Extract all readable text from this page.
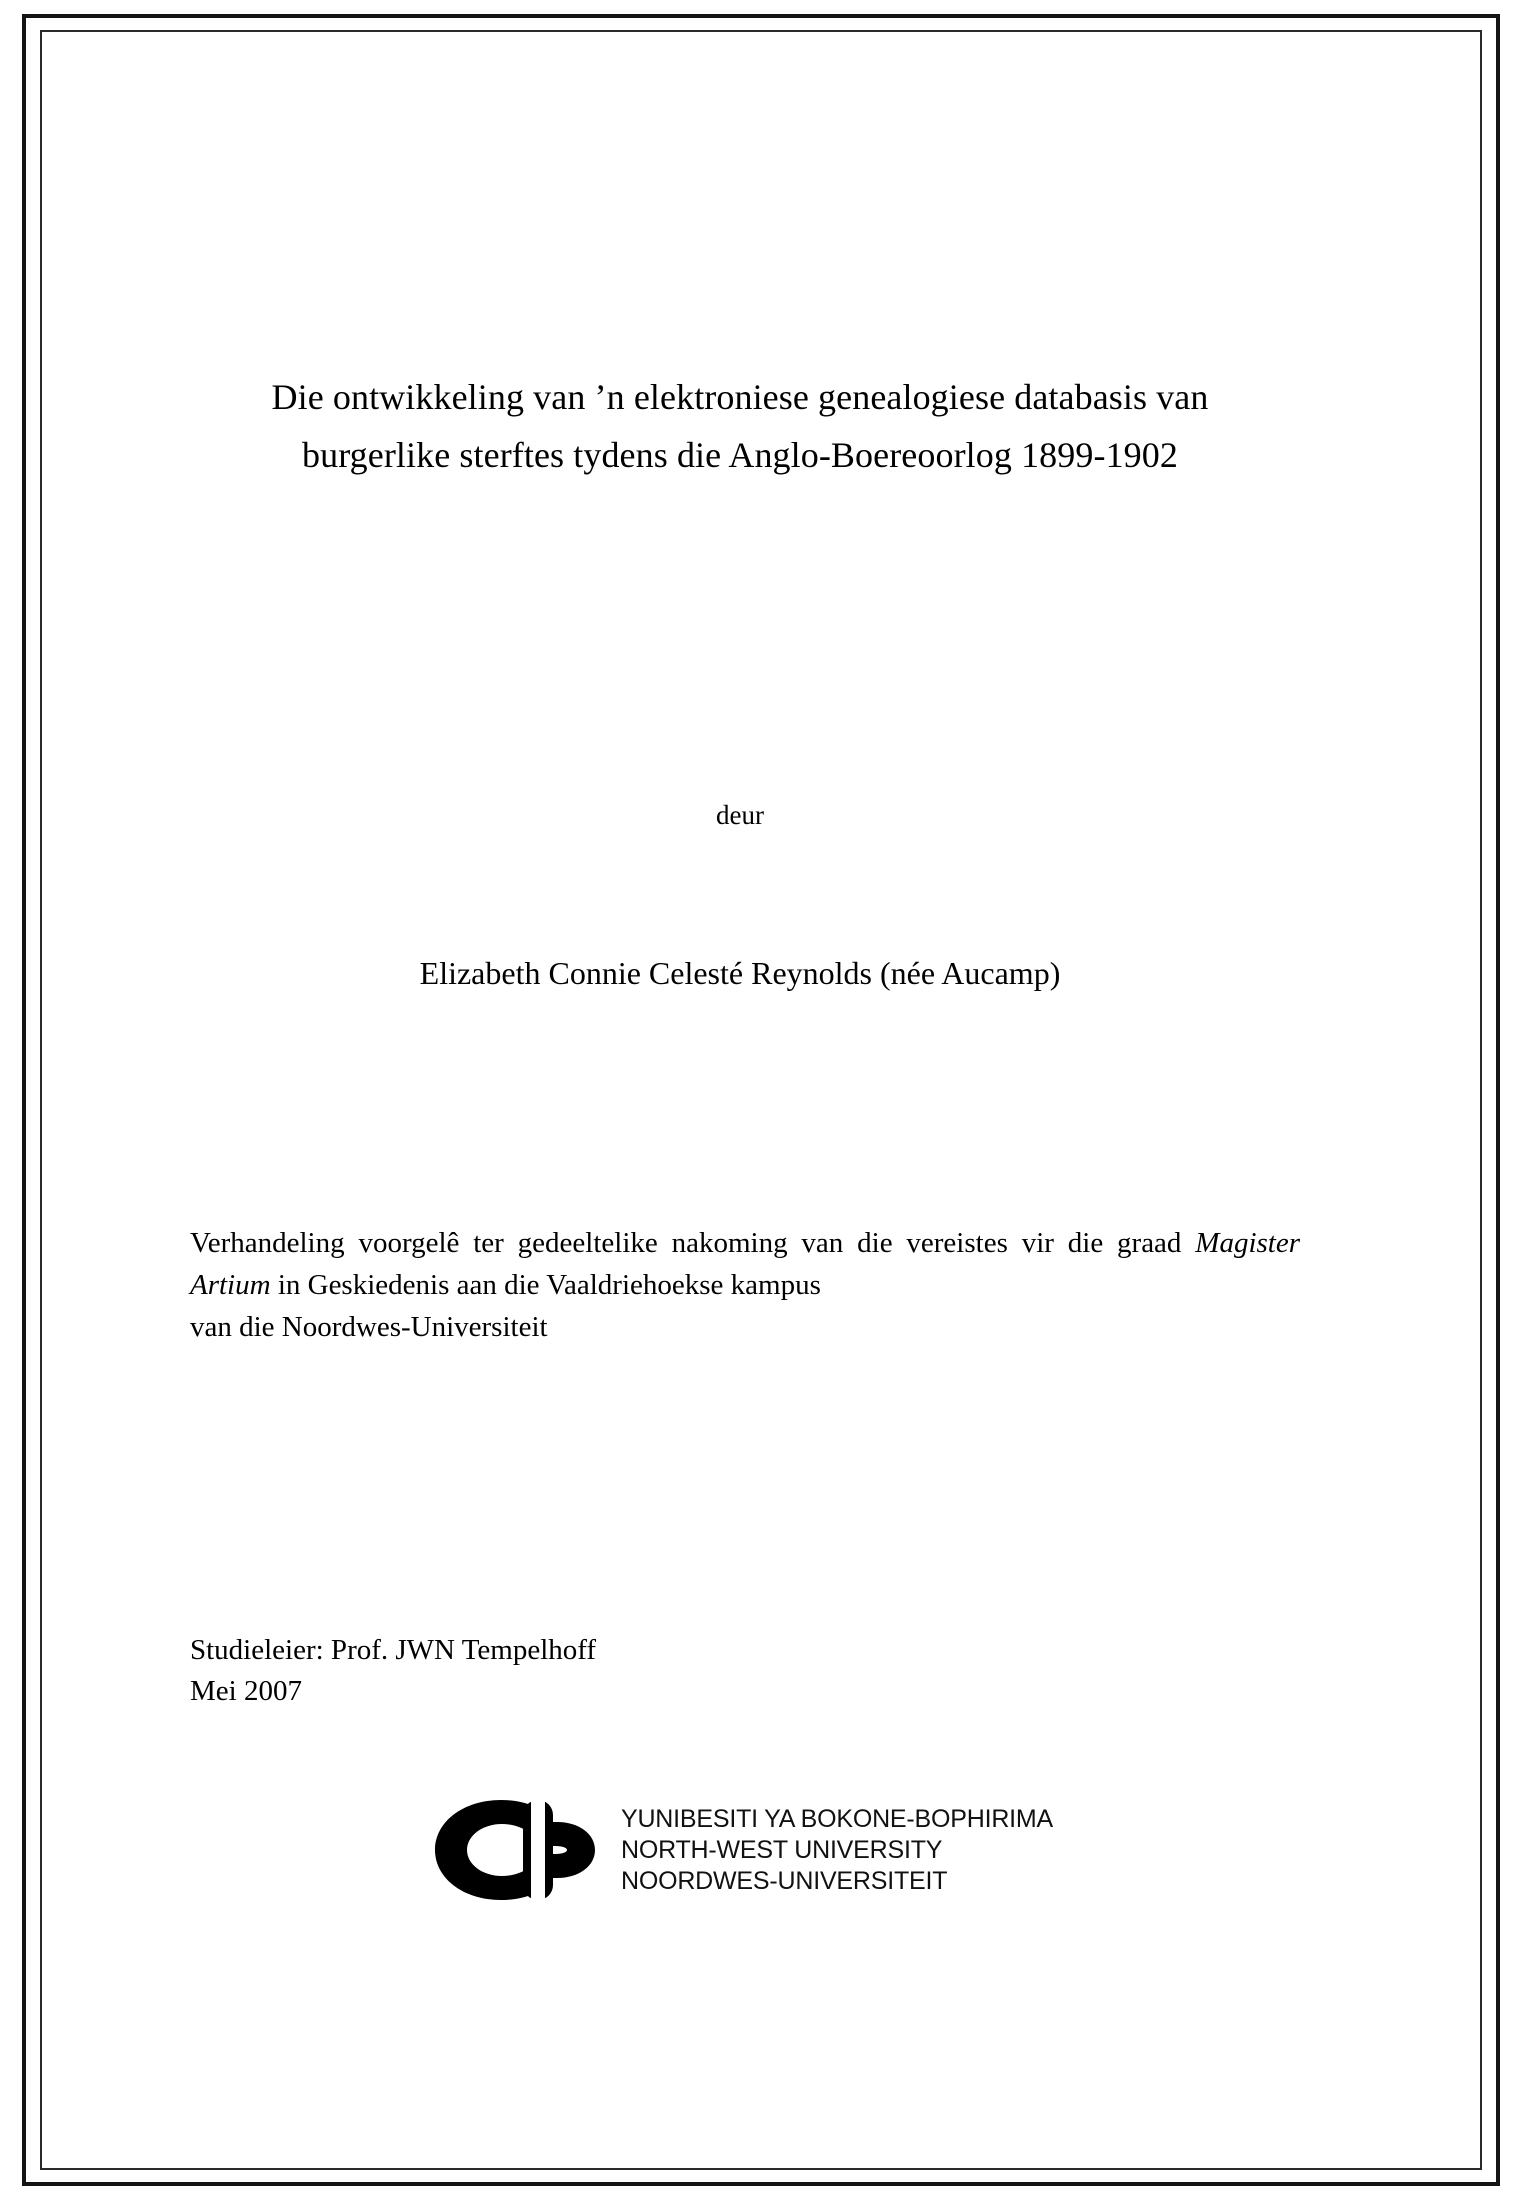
Die ontwikkeling van ’n elektroniese genealogiese databasis van
burgerlike sterftes tydens die Anglo-Boereoorlog 1899-1902
deur
Elizabeth Connie Celesté Reynolds (née Aucamp)
Verhandeling voorgelê ter gedeeltelike nakoming van die vereistes vir die graad Magister Artium in Geskiedenis aan die Vaaldriehoekse kampus
van die Noordwes-Universiteit
Studieleier: Prof. JWN Tempelhoff
Mei 2007
YUNIBESITI YA BOKONE-BOPHIRIMA
NORTH-WEST UNIVERSITY
NOORDWES-UNIVERSITEIT
